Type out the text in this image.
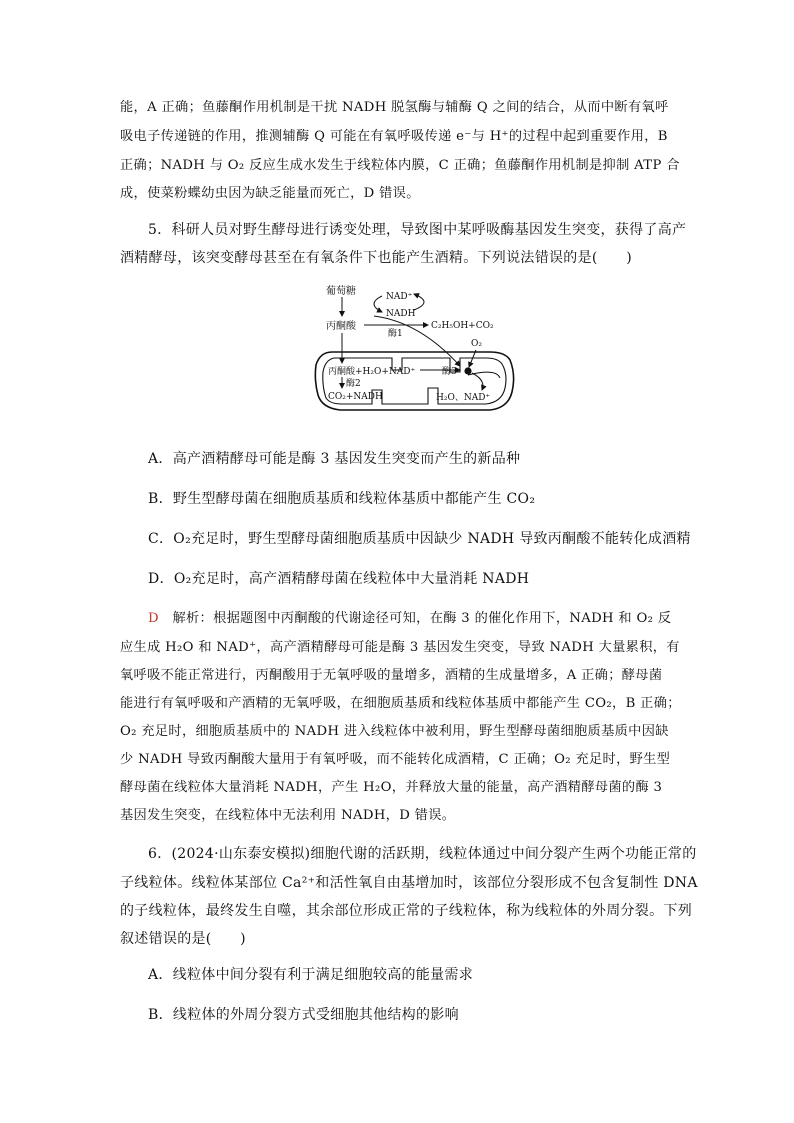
能，A 正确；鱼藤酮作用机制是干扰 NADH 脱氢酶与辅酶 Q 之间的结合，从而中断有氧呼

吸电子传递链的作用，推测辅酶 Q 可能在有氧呼吸传递 e⁻与 H⁺的过程中起到重要作用，B

正确；NADH 与 O₂ 反应生成水发生于线粒体内膜，C 正确；鱼藤酮作用机制是抑制 ATP 合

成，使菜粉蝶幼虫因为缺乏能量而死亡，D 错误。

5．科研人员对野生酵母进行诱变处理，导致图中某呼吸酶基因发生突变，获得了高产

酒精酵母，该突变酵母甚至在有氧条件下也能产生酒精。下列说法错误的是(　　)

葡萄糖
丙酮酸
NAD⁺
NADH
酶1
C₂H₅OH+CO₂
丙酮酸+H₂O+NAD⁺
酶2
CO₂+NADH
O₂
酶3
H₂O、NAD⁺

A．高产酒精酵母可能是酶 3 基因发生突变而产生的新品种

B．野生型酵母菌在细胞质基质和线粒体基质中都能产生 CO₂

C．O₂充足时，野生型酵母菌细胞质基质中因缺少 NADH 导致丙酮酸不能转化成酒精

D．O₂充足时，高产酒精酵母菌在线粒体中大量消耗 NADH

D　 解析：根据题图中丙酮酸的代谢途径可知，在酶 3 的催化作用下，NADH 和 O₂ 反

应生成 H₂O 和 NAD⁺，高产酒精酵母可能是酶 3 基因发生突变，导致 NADH 大量累积，有

氧呼吸不能正常进行，丙酮酸用于无氧呼吸的量增多，酒精的生成量增多，A 正确；酵母菌

能进行有氧呼吸和产酒精的无氧呼吸，在细胞质基质和线粒体基质中都能产生 CO₂，B 正确；

O₂ 充足时，细胞质基质中的 NADH 进入线粒体中被利用，野生型酵母菌细胞质基质中因缺

少 NADH 导致丙酮酸大量用于有氧呼吸，而不能转化成酒精，C 正确；O₂ 充足时，野生型

酵母菌在线粒体大量消耗 NADH，产生 H₂O，并释放大量的能量，高产酒精酵母菌的酶 3

基因发生突变，在线粒体中无法利用 NADH，D 错误。

6．(2024·山东泰安模拟)细胞代谢的活跃期，线粒体通过中间分裂产生两个功能正常的

子线粒体。线粒体某部位 Ca²⁺和活性氧自由基增加时，该部位分裂形成不包含复制性 DNA

的子线粒体，最终发生自噬，其余部位形成正常的子线粒体，称为线粒体的外周分裂。下列

叙述错误的是(　　)

A．线粒体中间分裂有利于满足细胞较高的能量需求

B．线粒体的外周分裂方式受细胞其他结构的影响
